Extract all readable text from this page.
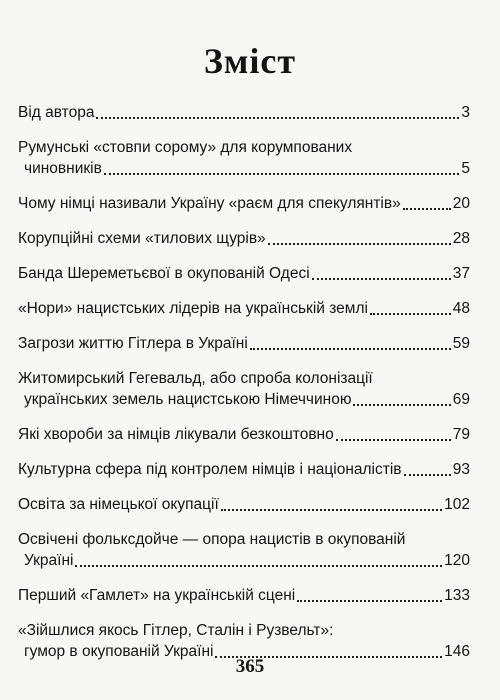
Зміст
Від автора	3
Румунські «стовпи сорому» для корумпованих
чиновників	5
Чому німці називали Україну «раєм для спекулянтів»	20
Корупційні схеми «тилових щурів»	28
Банда Шереметьєвої в окупованій Одесі	37
«Нори» нацистських лідерів на українській землі	48
Загрози життю Гітлера в Україні	59
Житомирський Гегевальд, або спроба колонізації
українських земель нацистською Німеччиною	69
Які хвороби за німців лікували безкоштовно	79
Культурна сфера під контролем німців і націоналістів	93
Освіта за німецької окупації	102
Освічені фольксдойче — опора нацистів в окупованій
Україні	120
Перший «Гамлет» на українській сцені	133
«Зійшлися якось Гітлер, Сталін і Рузвельт»:
гумор в окупованій Україні	146
365
